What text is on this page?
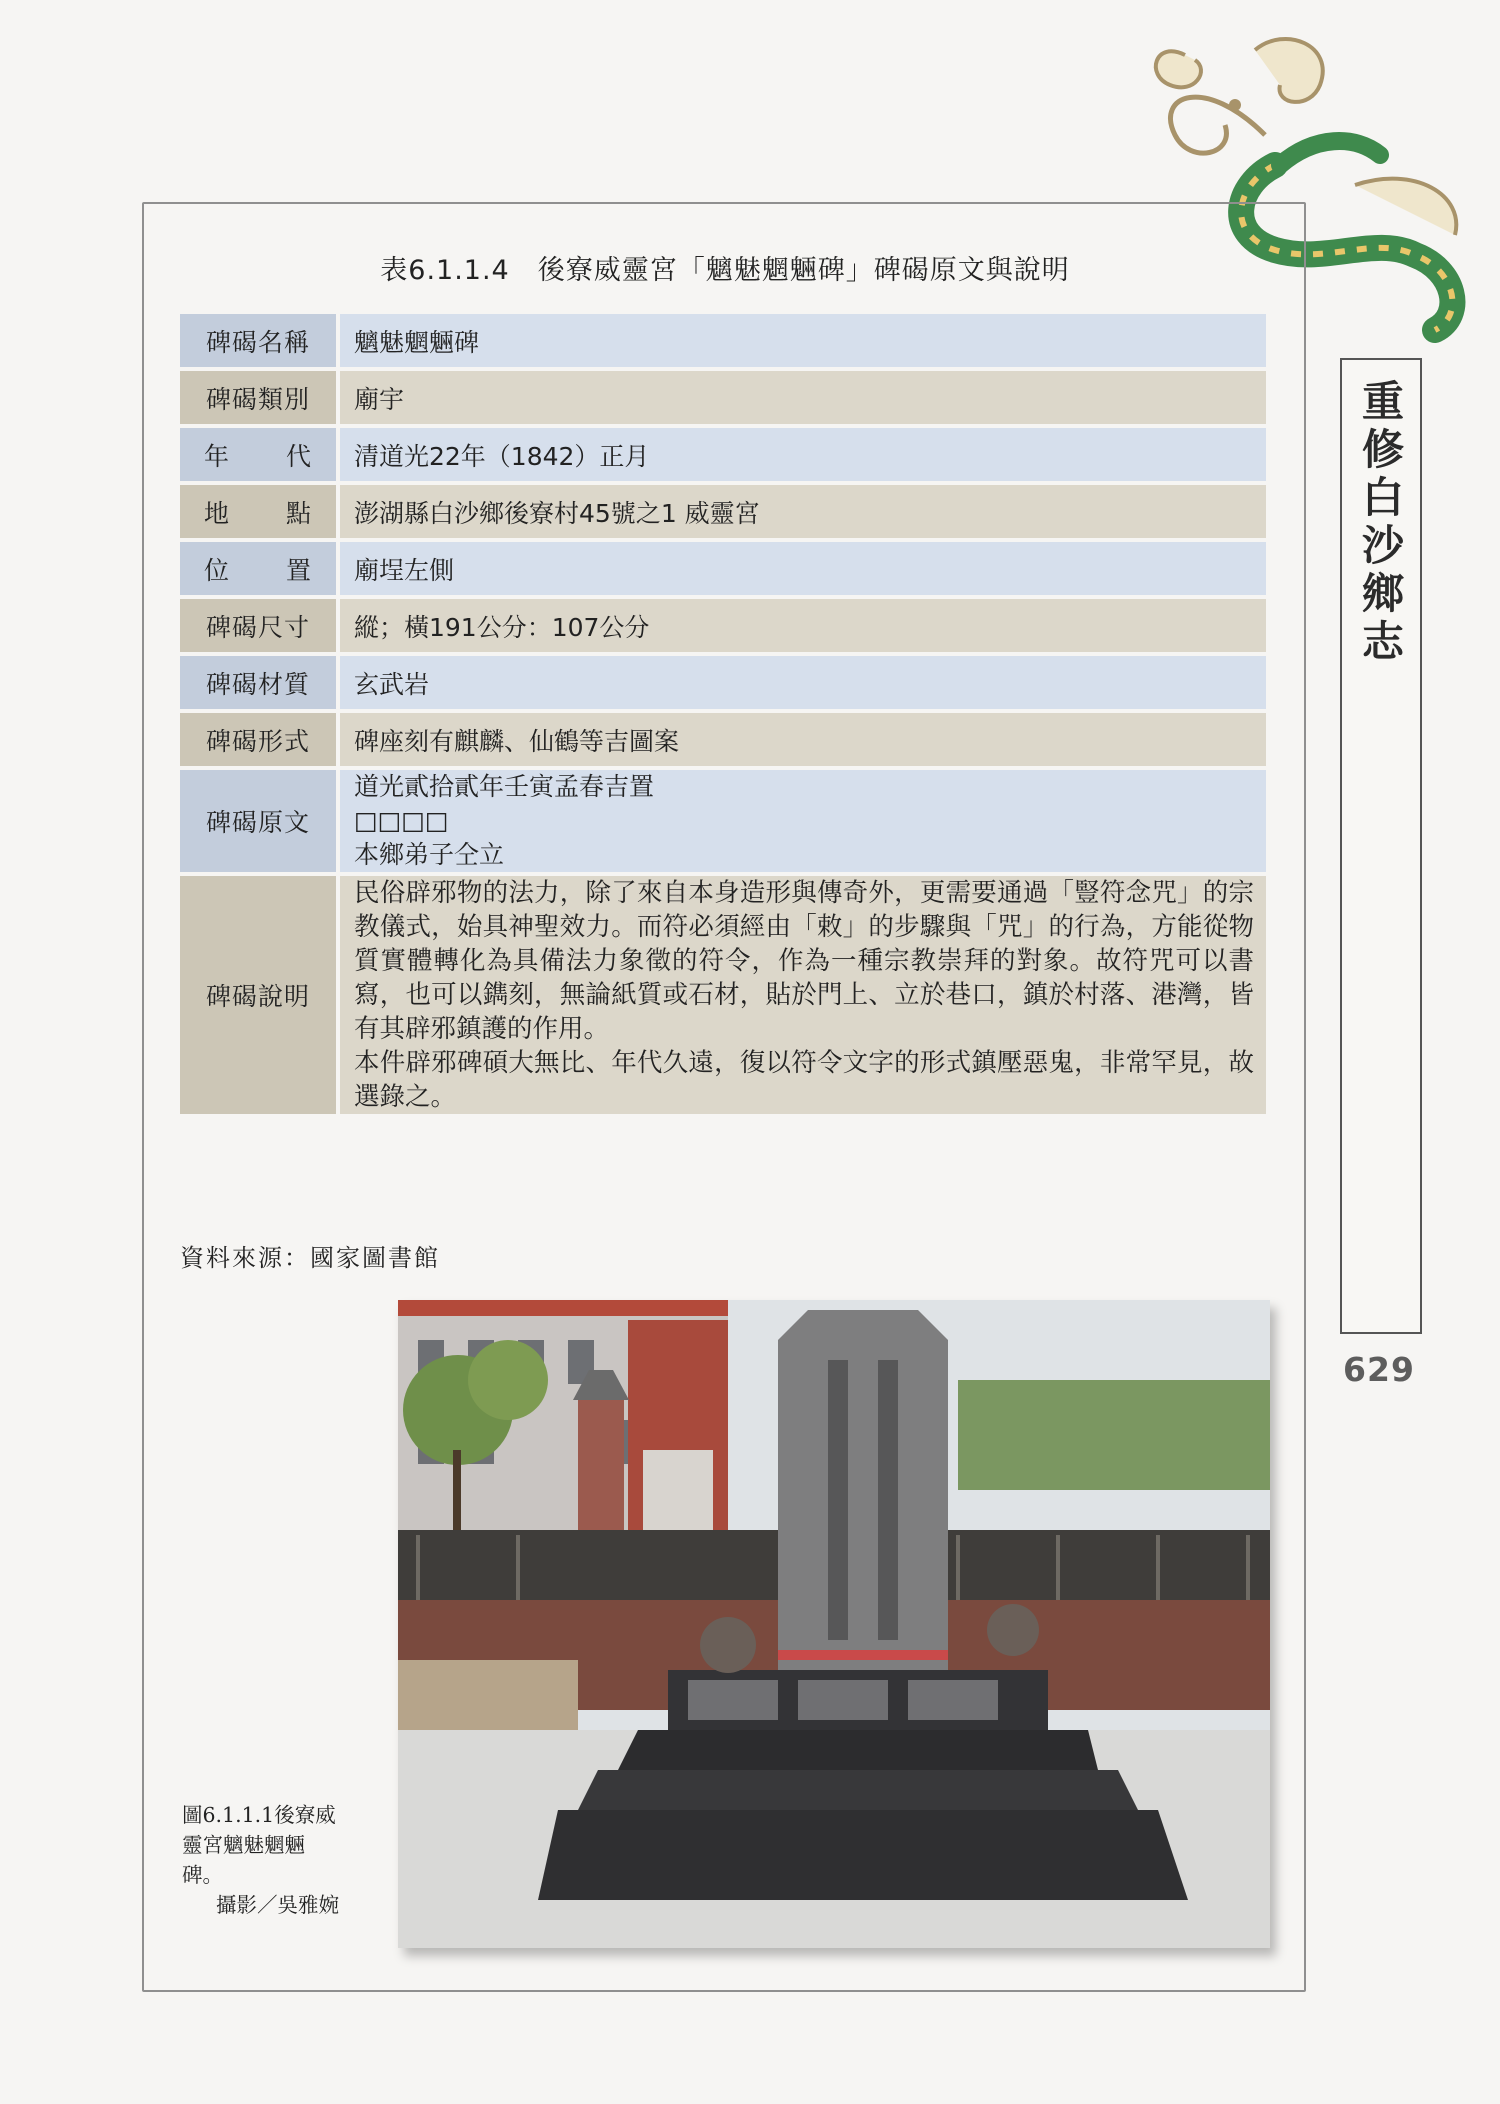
表6.1.1.4　後寮威靈宮「魑魅魍魎碑」碑碣原文與說明
碑碣名稱	魑魅魍魎碑
碑碣類別	廟宇

年 代	清道光22年（1842）正月

地 點	澎湖縣白沙鄉後寮村45號之1 威靈宮

位 置	廟埕左側
碑碣尺寸	縱；橫191公分：107公分
碑碣材質	玄武岩
碑碣形式	碑座刻有麒麟、仙鶴等吉圖案
碑碣原文	道光貳拾貳年壬寅孟春吉置
□□□□
本鄉弟子仝立

碑碣說明	民俗辟邪物的法力，除了來自本身造形與傳奇外，更需要通過「豎符念咒」的宗教儀式，始具神聖效力。而符必須經由「敕」的步驟與「咒」的行為，方能從物質實體轉化為具備法力象徵的符令，作為一種宗教崇拜的對象。故符咒可以書寫，也可以鐫刻，無論紙質或石材，貼於門上、立於巷口，鎮於村落、港灣，皆有其辟邪鎮護的作用。

本件辟邪碑碩大無比、年代久遠，復以符令文字的形式鎮壓惡鬼，非常罕見，故選錄之。

資料來源：國家圖書館
重
修
白
沙
鄉
志
629
圖6.1.1.1後寮威
靈宮魑魅魍魎
碑。
攝影／吳雅婉
